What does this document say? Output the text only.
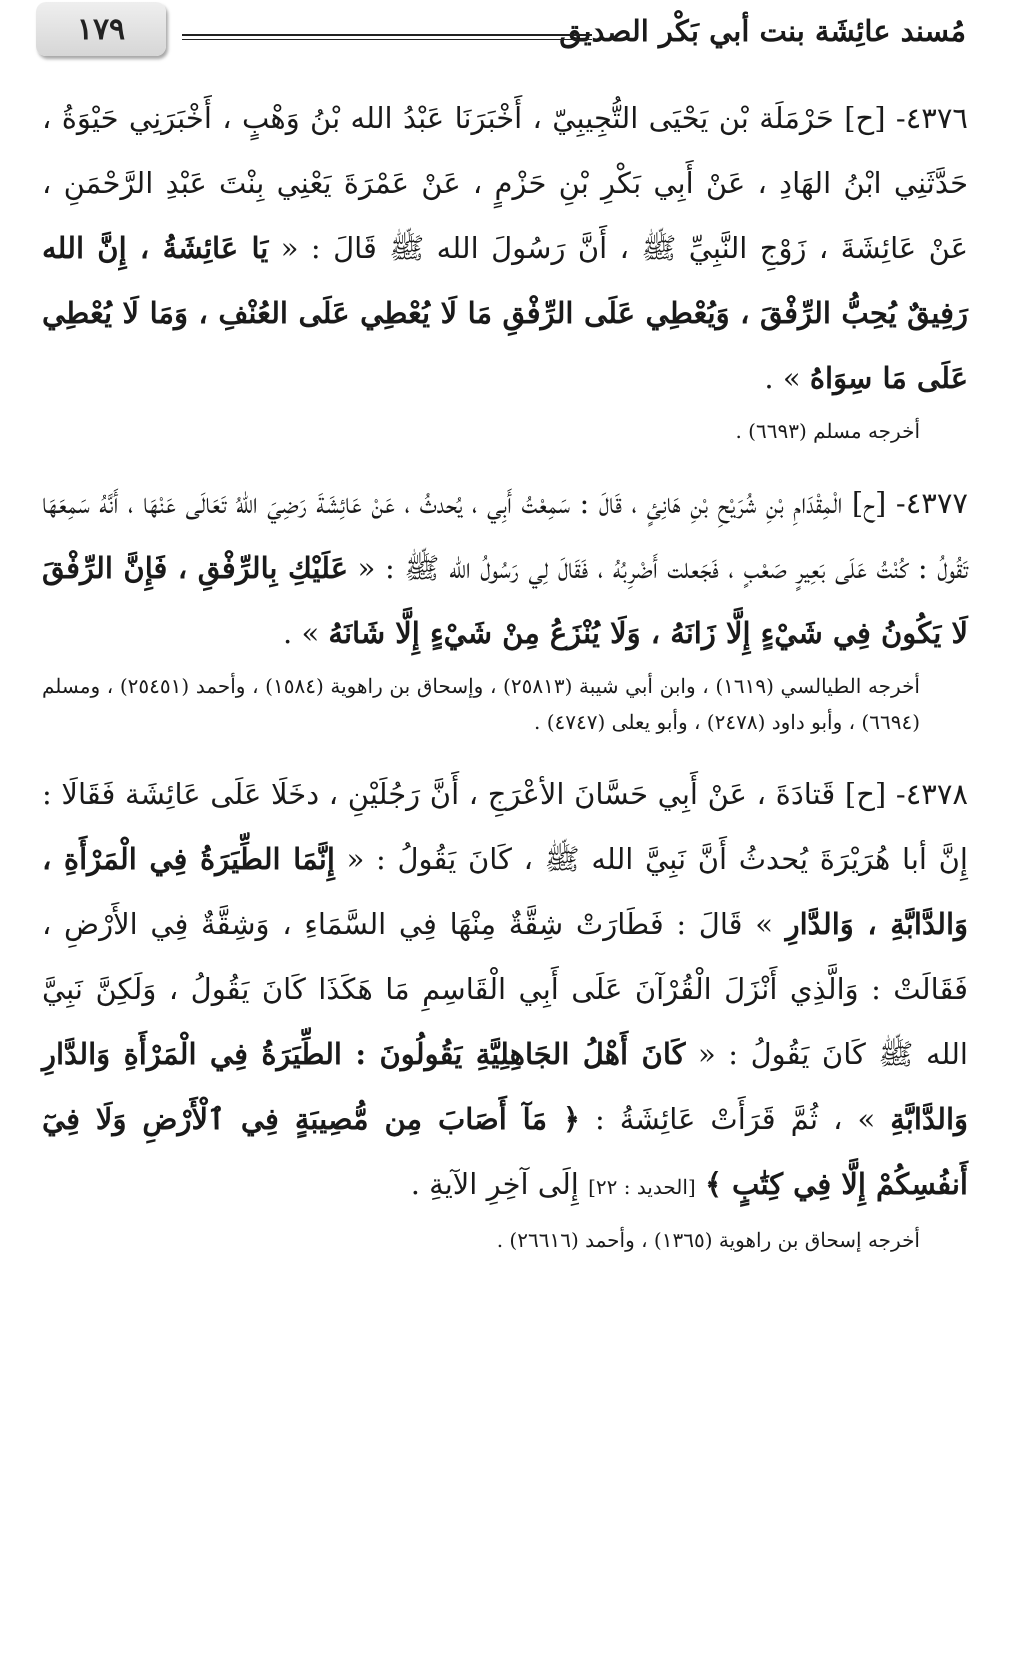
مُسند عائِشَة بنت أبي بَكْر الصديق
١٧٩

٤٣٧٦- [ح] حَرْمَلَة بْن يَحْيَى التُّجِيبِيّ ، أَخْبَرَنَا عَبْدُ الله بْنُ وَهْبٍ ، أَخْبَرَنِي حَيْوَةُ ، حَدَّثَنِي ابْنُ الهَادِ ، عَنْ أَبِي بَكْرِ بْنِ حَزْمٍ ، عَنْ عَمْرَةَ يَعْنِي بِنْتَ عَبْدِ الرَّحْمَنِ ، عَنْ عَائِشَةَ ، زَوْجِ النَّبِيِّ ﷺ ، أَنَّ رَسُولَ الله ﷺ قَالَ : « يَا عَائِشَةُ ، إِنَّ الله رَفِيقٌ يُحِبُّ الرِّفْقَ ، وَيُعْطِي عَلَى الرِّفْقِ مَا لَا يُعْطِي عَلَى العُنْفِ ، وَمَا لَا يُعْطِي عَلَى مَا سِوَاهُ » .

أخرجه مسلم (٦٦٩٣) .

٤٣٧٧- [ح] الْمِقْدَامِ بْنِ شُرَيْحِ بْنِ هَانِئٍ ، قَالَ : سَمِعْتُ أَبِي ، يُحدثُ ، عَنْ عَائِشَةَ رَضِيَ اللهُ تَعَالَى عَنْهَا ، أَنَّهُ سَمِعَهَا تَقُولُ : كُنْتُ عَلَى بَعِيرٍ صَعْبٍ ، فَجَعلت أَضْرِبُهُ ، فَقَالَ لِي رَسُولُ الله ﷺ : « عَلَيْكِ بِالرِّفْقِ ، فَإِنَّ الرِّفْقَ لَا يَكُونُ فِي شَيْءٍ إِلَّا زَانَهُ ، وَلَا يُنْزَعُ مِنْ شَيْءٍ إِلَّا شَانَهُ » .

أخرجه الطيالسي (١٦١٩) ، وابن أبي شيبة (٢٥٨١٣) ، وإسحاق بن راهوية (١٥٨٤) ، وأحمد (٢٥٤٥١) ، ومسلم (٦٦٩٤) ، وأبو داود (٢٤٧٨) ، وأبو يعلى (٤٧٤٧) .

٤٣٧٨- [ح] قَتادَةَ ، عَنْ أَبِي حَسَّانَ الأعْرَجِ ، أَنَّ رَجُلَيْنِ ، دخَلَا عَلَى عَائِشَة فَقَالَا : إِنَّ أبا هُرَيْرَةَ يُحدثُ أَنَّ نَبِيَّ الله ﷺ ، كَانَ يَقُولُ : « إِنَّمَا الطِّيَرَةُ فِي الْمَرْأَةِ ، وَالدَّابَّةِ ، وَالدَّارِ » قَالَ : فَطَارَتْ شِقَّةٌ مِنْهَا فِي السَّمَاءِ ، وَشِقَّةٌ فِي الأَرْضِ ، فَقَالَتْ : وَالَّذِي أَنْزَلَ الْقُرْآنَ عَلَى أَبِي الْقَاسِمِ مَا هَكَذَا كَانَ يَقُولُ ، وَلَكِنَّ نَبِيَّ الله ﷺ كَانَ يَقُولُ : « كَانَ أَهْلُ الجَاهِلِيَّةِ يَقُولُونَ : الطِّيَرَةُ فِي الْمَرْأَةِ وَالدَّارِ وَالدَّابَّةِ » ، ثُمَّ قَرَأَتْ عَائِشَةُ : ﴿ مَآ أَصَابَ مِن مُّصِيبَةٍ فِي ٱلْأَرْضِ وَلَا فِيٓ أَنفُسِكُمْ إِلَّا فِي كِتَٰبٍ ﴾ [الحديد : ٢٢] إِلَى آخِرِ الآيةِ .

أخرجه إسحاق بن راهوية (١٣٦٥) ، وأحمد (٢٦٦١٦) .
